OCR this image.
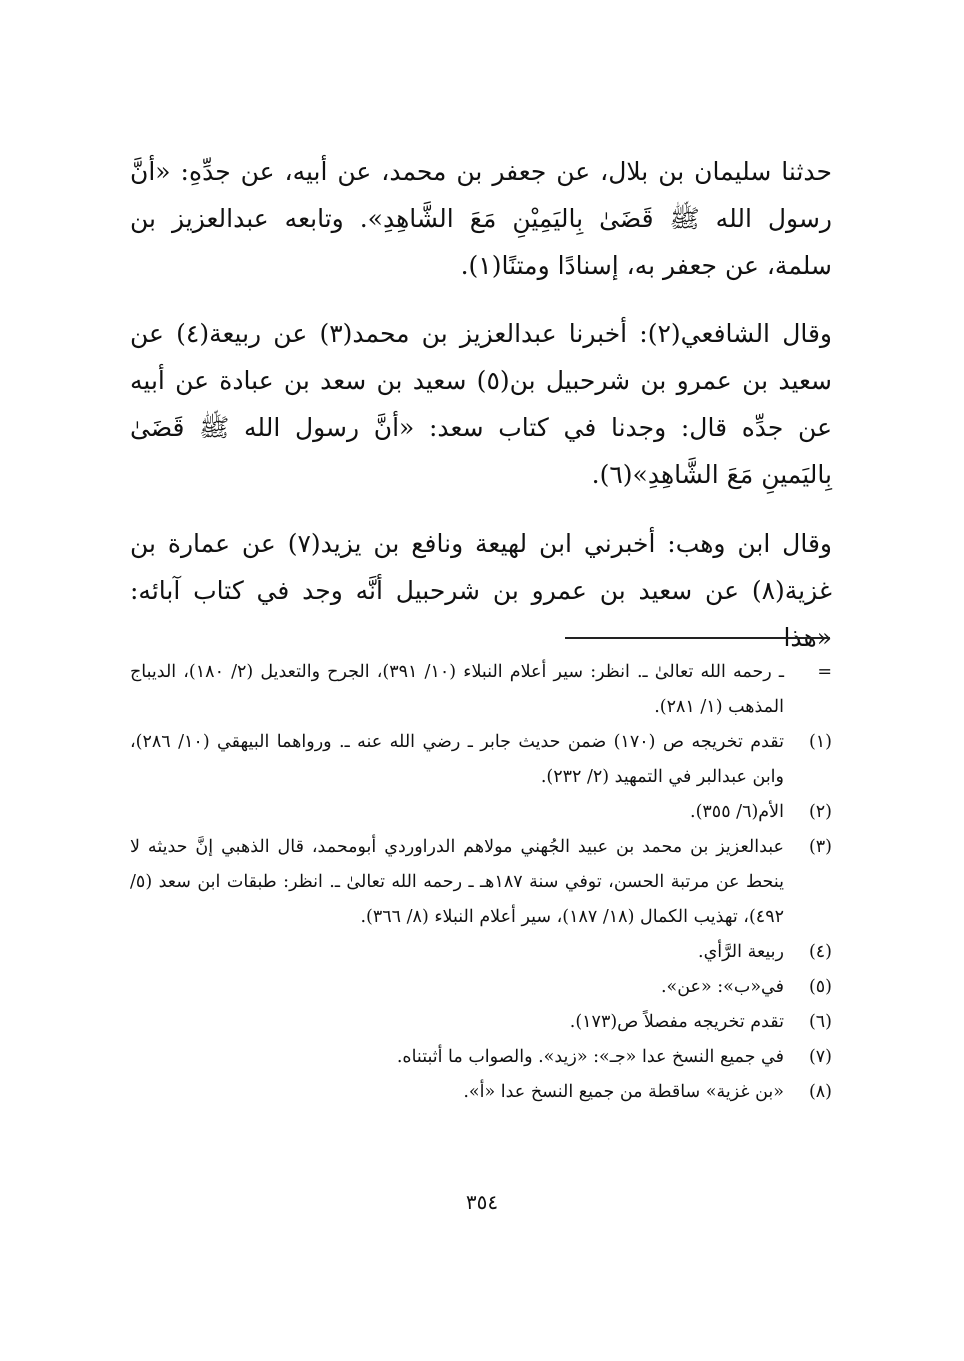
حدثنا سليمان بن بلال، عن جعفر بن محمد، عن أبيه، عن جدِّهِ: «أنَّ رسول الله ﷺ قَضَىٰ بِاليَمِيْنِ مَعَ الشَّاهِدِ». وتابعه عبدالعزيز بن سلمة، عن جعفر به، إسنادًا ومتنًا(١).

وقال الشافعي(٢): أخبرنا عبدالعزيز بن محمد(٣) عن ربيعة(٤) عن سعيد بن عمرو بن شرحبيل بن(٥) سعيد بن سعد بن عبادة عن أبيه عن جدِّه قال: وجدنا في كتاب سعد: «أنَّ رسول الله ﷺ قَضَىٰ بِاليَمينِ مَعَ الشَّاهِدِ»(٦).

وقال ابن وهب: أخبرني ابن لهيعة ونافع بن يزيد(٧) عن عمارة بن غزية(٨) عن سعيد بن عمرو بن شرحبيل أنَّه وجد في كتاب آبائه: «هذا

=
ـ رحمه الله تعالىٰ ـ. انظر: سير أعلام النبلاء (١٠/ ٣٩١)، الجرح والتعديل (٢/ ١٨٠)، الديباج المذهب (١/ ٢٨١).
(١)
تقدم تخريجه ص (١٧٠) ضمن حديث جابر ـ رضي الله عنه ـ. ورواهما البيهقي (١٠/ ٢٨٦)، وابن عبدالبر في التمهيد (٢/ ٢٣٢).
(٢)
الأم(٦/ ٣٥٥).
(٣)
عبدالعزيز بن محمد بن عبيد الجُهني مولاهم الدراوردي أبومحمد، قال الذهبي إنَّ حديثه لا ينحط عن مرتبة الحسن، توفي سنة ١٨٧هـ ـ رحمه الله تعالىٰ ـ. انظر: طبقات ابن سعد (٥/ ٤٩٢)، تهذيب الكمال (١٨/ ١٨٧)، سير أعلام النبلاء (٨/ ٣٦٦).
(٤)
ربيعة الرَّأي.
(٥)
في«ب»: «عن».
(٦)
تقدم تخريجه مفصلاً ص(١٧٣).
(٧)
في جميع النسخ عدا «جـ»: «زيد». والصواب ما أثبتناه.
(٨)
«بن غزية» ساقطة من جميع النسخ عدا «أ».
٣٥٤
